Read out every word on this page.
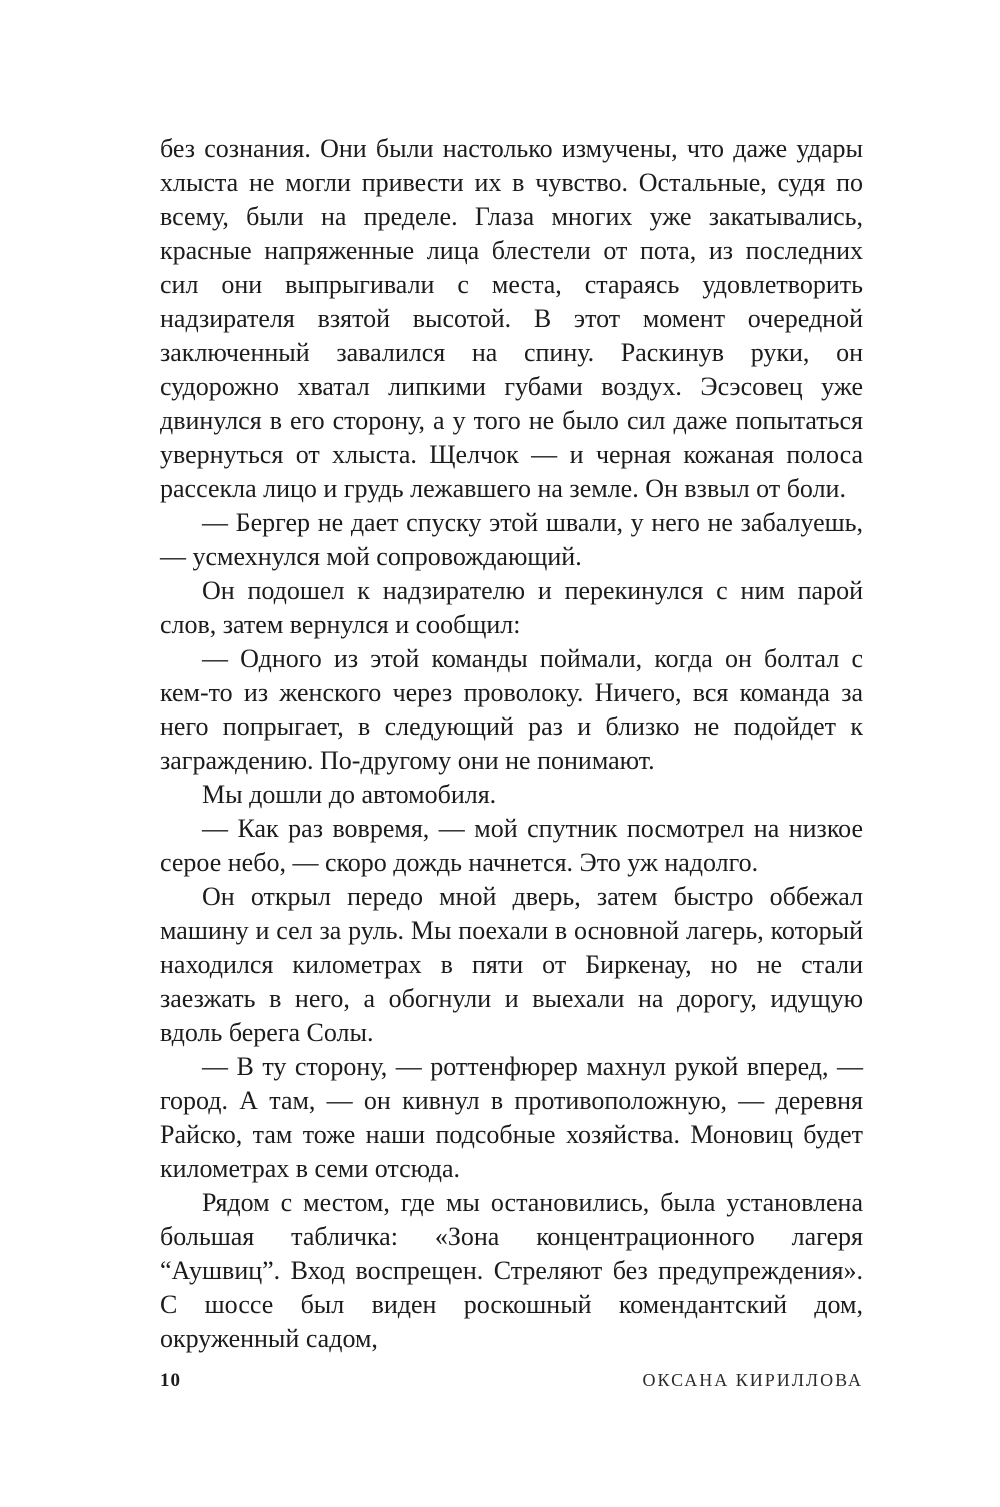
без сознания. Они были настолько измучены, что даже удары хлыста не могли привести их в чувство. Остальные, судя по всему, были на пределе. Глаза многих уже закатывались, красные напряженные лица блестели от пота, из последних сил они выпрыгивали с места, стараясь удовлетворить надзирателя взятой высотой. В этот момент очередной заключенный завалился на спину. Раскинув руки, он судорожно хватал липкими губами воздух. Эсэсовец уже двинулся в его сторону, а у того не было сил даже попытаться увернуться от хлыста. Щелчок — и черная кожаная полоса рассекла лицо и грудь лежавшего на земле. Он взвыл от боли.

— Бергер не дает спуску этой швали, у него не забалуешь, — усмехнулся мой сопровождающий.

Он подошел к надзирателю и перекинулся с ним парой слов, затем вернулся и сообщил:

— Одного из этой команды поймали, когда он болтал с кем-то из женского через проволоку. Ничего, вся команда за него попрыгает, в следующий раз и близко не подойдет к заграждению. По-другому они не понимают.

Мы дошли до автомобиля.

— Как раз вовремя, — мой спутник посмотрел на низкое серое небо, — скоро дождь начнется. Это уж надолго.

Он открыл передо мной дверь, затем быстро оббежал машину и сел за руль. Мы поехали в основной лагерь, который находился километрах в пяти от Биркенау, но не стали заезжать в него, а обогнули и выехали на дорогу, идущую вдоль берега Солы.

— В ту сторону, — роттенфюрер махнул рукой вперед, — город. А там, — он кивнул в противоположную, — деревня Райско, там тоже наши подсобные хозяйства. Моновиц будет километрах в семи отсюда.

Рядом с местом, где мы остановились, была установлена большая табличка: «Зона концентрационного лагеря “Аушвиц”. Вход воспрещен. Стреляют без предупреждения». С шоссе был виден роскошный комендантский дом, окруженный садом,

10	ОКСАНА КИРИЛЛОВА
